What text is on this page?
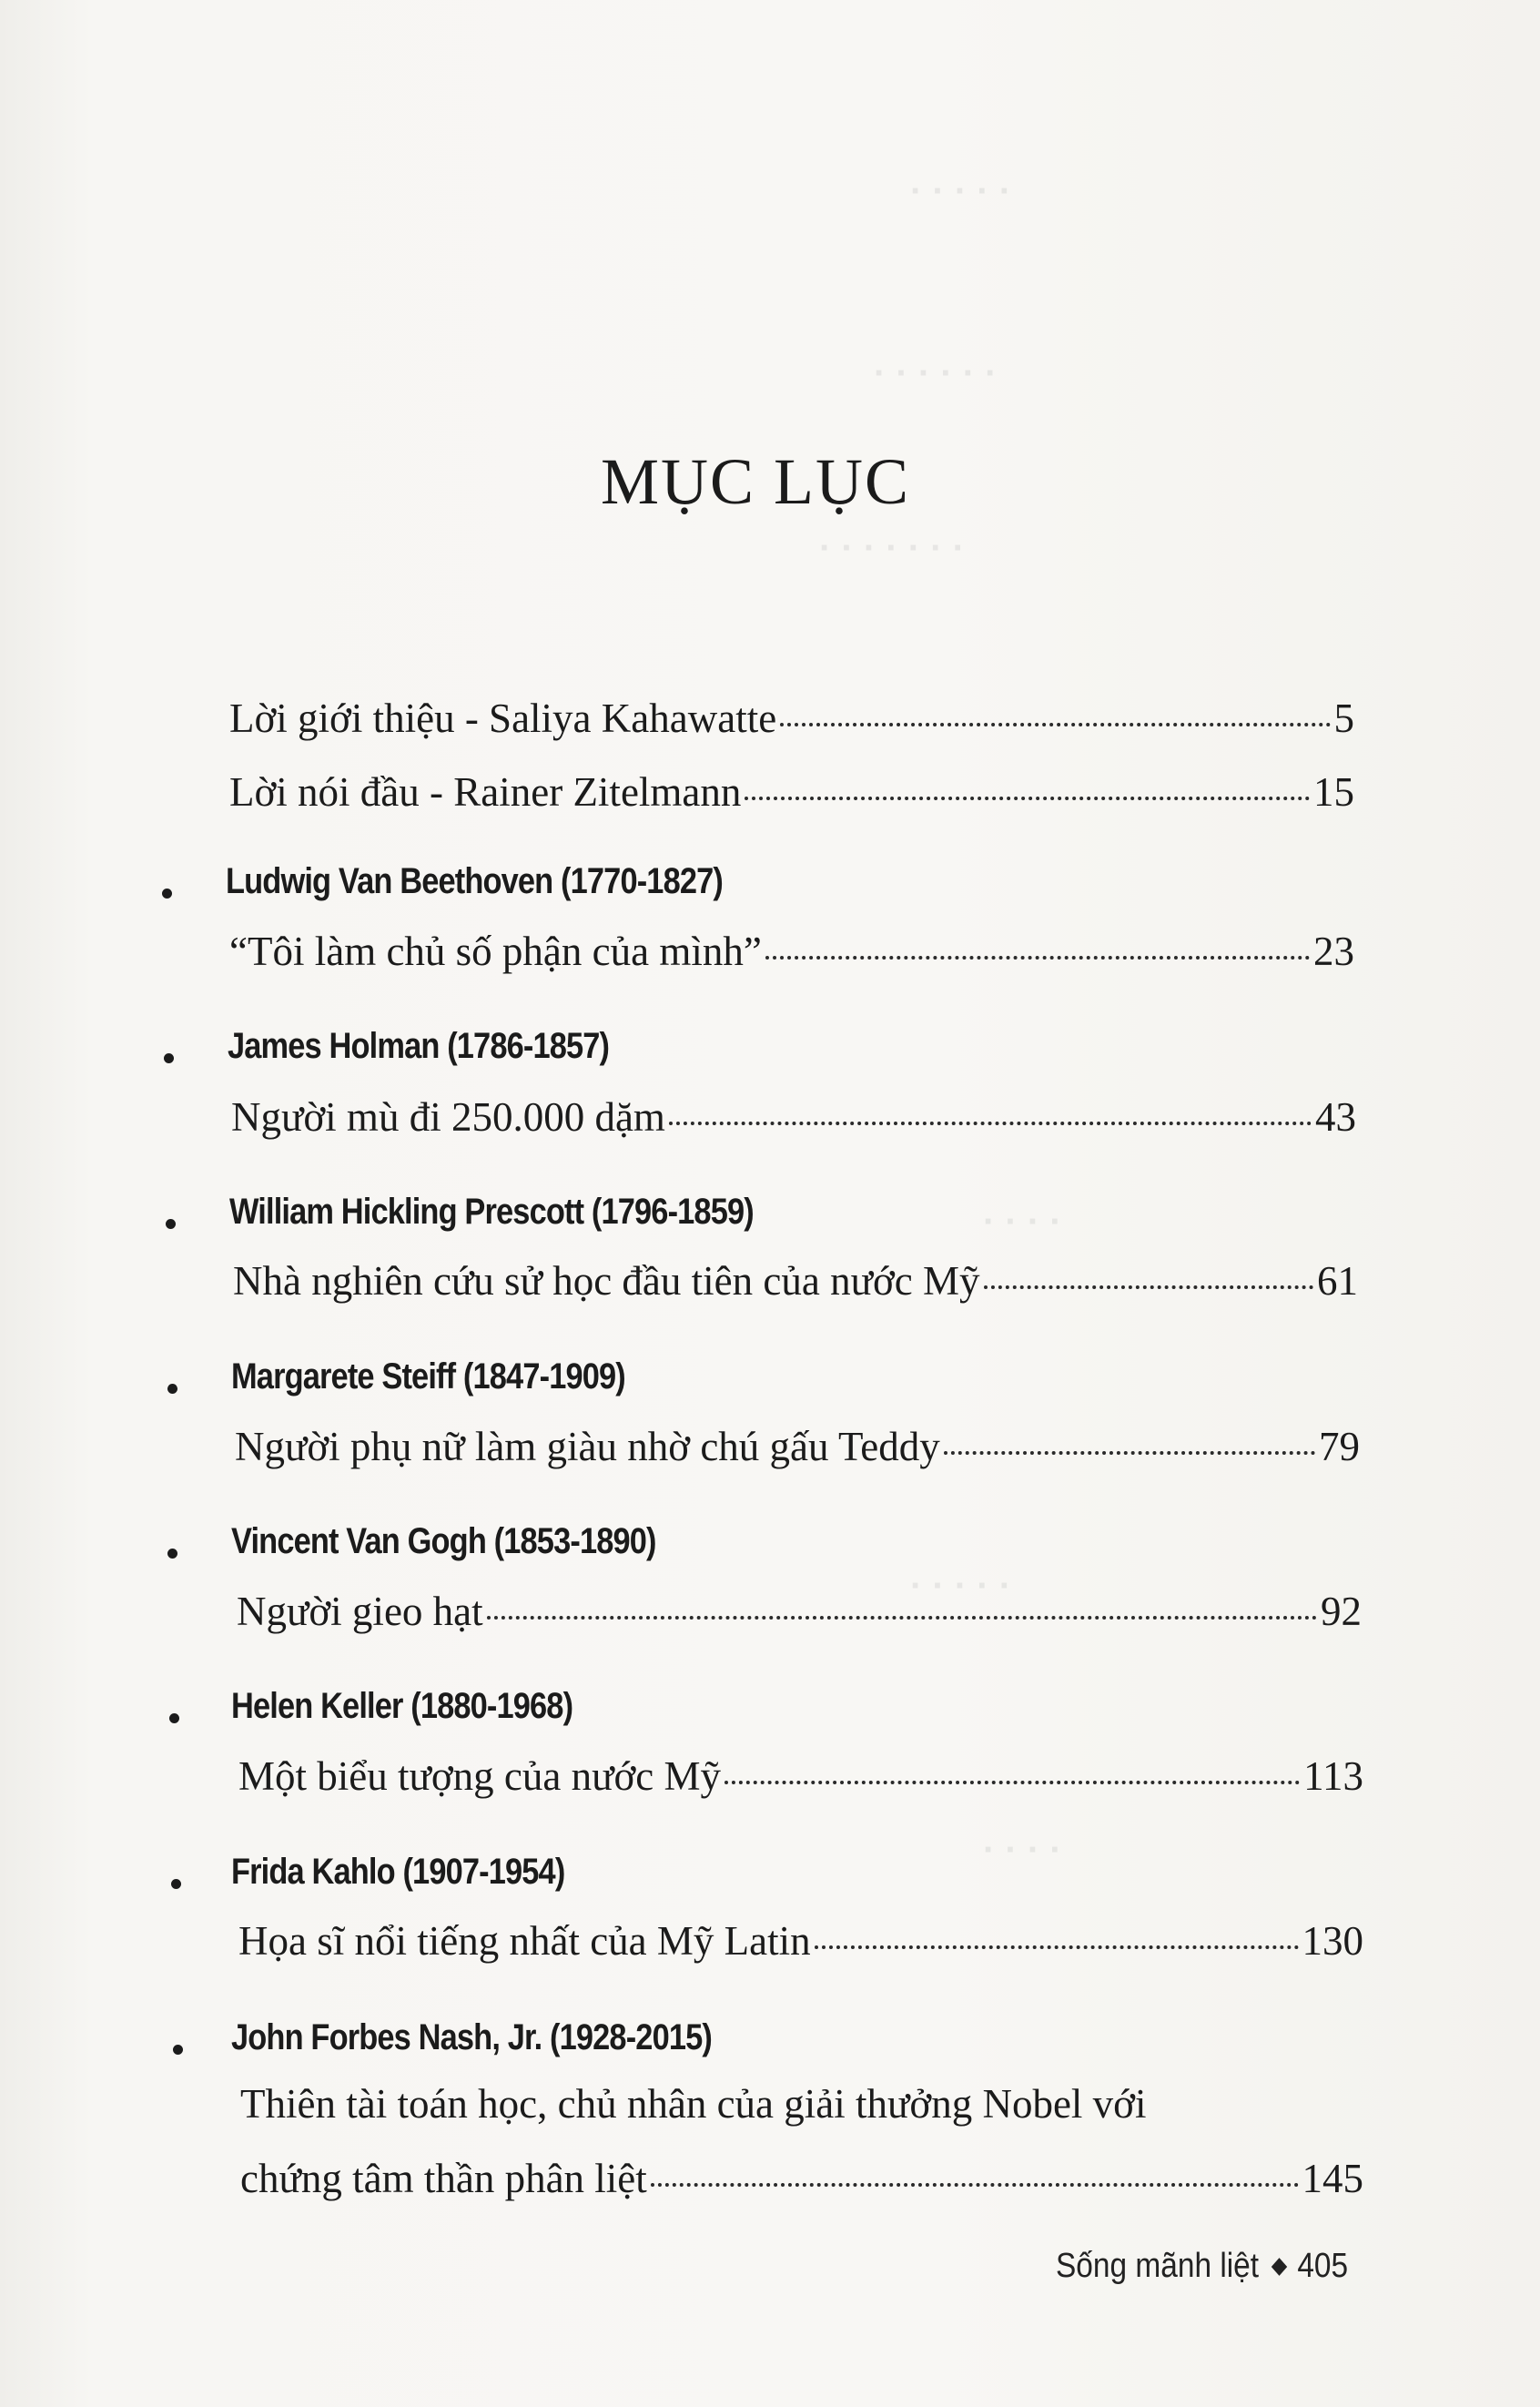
· · · · ·
· · · · · ·
· · · · · · ·
· · · ·
· · · · ·
· · · ·
MỤC LỤC
Lời giới thiệu - Saliya Kahawatte	5
Lời nói đầu - Rainer Zitelmann	15
Ludwig Van Beethoven (1770-1827)
“Tôi làm chủ số phận của mình”	23
James Holman (1786-1857)
Người mù đi 250.000 dặm	43
William Hickling Prescott (1796-1859)
Nhà nghiên cứu sử học đầu tiên của nước Mỹ	61
Margarete Steiff (1847-1909)
Người phụ nữ làm giàu nhờ chú gấu Teddy	79
Vincent Van Gogh (1853-1890)
Người gieo hạt	92
Helen Keller (1880-1968)
Một biểu tượng của nước Mỹ	113
Frida Kahlo (1907-1954)
Họa sĩ nổi tiếng nhất của Mỹ Latin	130
John Forbes Nash, Jr. (1928-2015)
Thiên tài toán học, chủ nhân của giải thưởng Nobel với
chứng tâm thần phân liệt	145
Sống mãnh liệt 405
